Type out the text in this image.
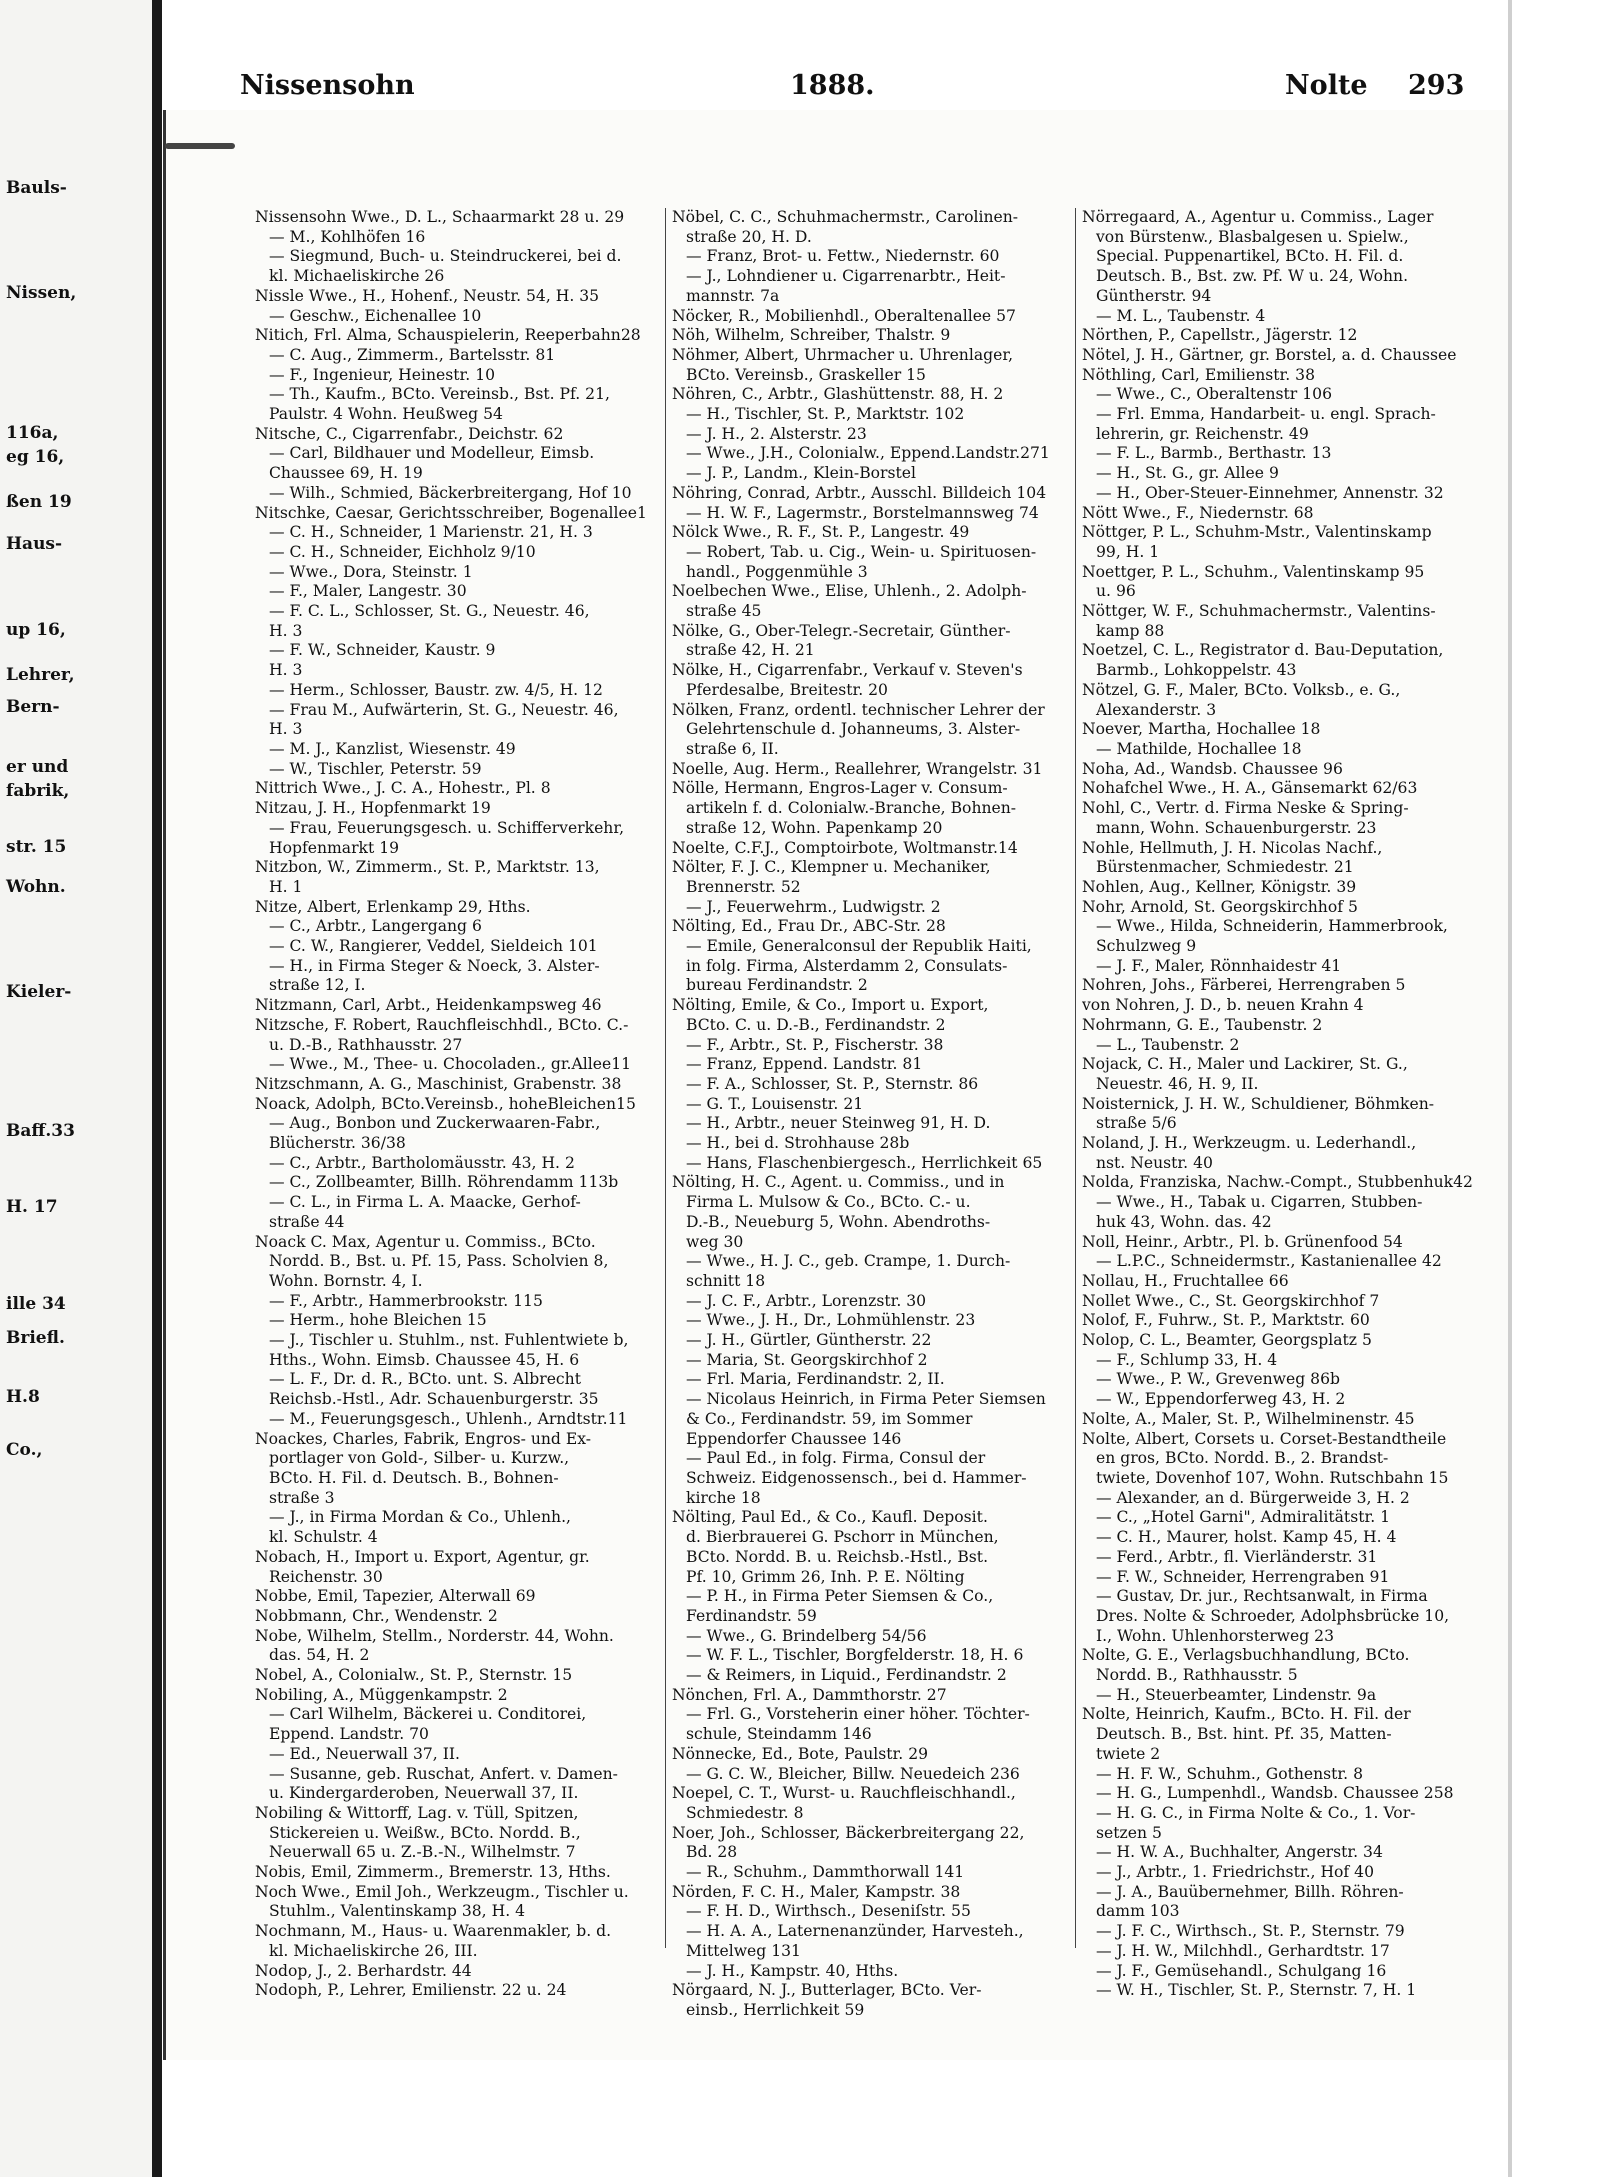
Bauls-
Nissen,
116a,
eg 16,
ßen 19
Haus-
up 16,
Lehrer,
Bern-
er und
fabrik,
str. 15
Wohn.
Kieler-
Baff.33
H. 17
ille 34
Briefl.
H.8
Co.,
Nissensohn	1888.	Nolte 293
Nissensohn Wwe., D. L., Schaarmarkt 28 u. 29
— M., Kohlhöfen 16
— Siegmund, Buch- u. Steindruckerei, bei d.
kl. Michaeliskirche 26
Nissle Wwe., H., Hohenf., Neustr. 54, H. 35
— Geschw., Eichenallee 10
Nitich, Frl. Alma, Schauspielerin, Reeperbahn28
— C. Aug., Zimmerm., Bartelsstr. 81
— F., Ingenieur, Heinestr. 10
— Th., Kaufm., BCto. Vereinsb., Bst. Pf. 21,
Paulstr. 4 Wohn. Heußweg 54
Nitsche, C., Cigarrenfabr., Deichstr. 62
— Carl, Bildhauer und Modelleur, Eimsb.
Chaussee 69, H. 19
— Wilh., Schmied, Bäckerbreitergang, Hof 10
Nitschke, Caesar, Gerichtsschreiber, Bogenallee1
— C. H., Schneider, 1 Marienstr. 21, H. 3
— C. H., Schneider, Eichholz 9/10
— Wwe., Dora, Steinstr. 1
— F., Maler, Langestr. 30
— F. C. L., Schlosser, St. G., Neuestr. 46,
H. 3
— F. W., Schneider, Kaustr. 9
H. 3
— Herm., Schlosser, Baustr. zw. 4/5, H. 12
— Frau M., Aufwärterin, St. G., Neuestr. 46,
H. 3
— M. J., Kanzlist, Wiesenstr. 49
— W., Tischler, Peterstr. 59
Nittrich Wwe., J. C. A., Hohestr., Pl. 8
Nitzau, J. H., Hopfenmarkt 19
— Frau, Feuerungsgesch. u. Schifferverkehr,
Hopfenmarkt 19
Nitzbon, W., Zimmerm., St. P., Marktstr. 13,
H. 1
Nitze, Albert, Erlenkamp 29, Hths.
— C., Arbtr., Langergang 6
— C. W., Rangierer, Veddel, Sieldeich 101
— H., in Firma Steger & Noeck, 3. Alster-
straße 12, I.
Nitzmann, Carl, Arbt., Heidenkampsweg 46
Nitzsche, F. Robert, Rauchfleischhdl., BCto. C.-
u. D.-B., Rathhausstr. 27
— Wwe., M., Thee- u. Chocoladen., gr.Allee11
Nitzschmann, A. G., Maschinist, Grabenstr. 38
Noack, Adolph, BCto.Vereinsb., hoheBleichen15
— Aug., Bonbon und Zuckerwaaren-Fabr.,
Blücherstr. 36/38
— C., Arbtr., Bartholomäusstr. 43, H. 2
— C., Zollbeamter, Billh. Röhrendamm 113b
— C. L., in Firma L. A. Maacke, Gerhof-
straße 44
Noack C. Max, Agentur u. Commiss., BCto.
Nordd. B., Bst. u. Pf. 15, Pass. Scholvien 8,
Wohn. Bornstr. 4, I.
— F., Arbtr., Hammerbrookstr. 115
— Herm., hohe Bleichen 15
— J., Tischler u. Stuhlm., nst. Fuhlentwiete b,
Hths., Wohn. Eimsb. Chaussee 45, H. 6
— L. F., Dr. d. R., BCto. unt. S. Albrecht
Reichsb.-Hstl., Adr. Schauenburgerstr. 35
— M., Feuerungsgesch., Uhlenh., Arndtstr.11
Noackes, Charles, Fabrik, Engros- und Ex-
portlager von Gold-, Silber- u. Kurzw.,
BCto. H. Fil. d. Deutsch. B., Bohnen-
straße 3
— J., in Firma Mordan & Co., Uhlenh.,
kl. Schulstr. 4
Nobach, H., Import u. Export, Agentur, gr.
Reichenstr. 30
Nobbe, Emil, Tapezier, Alterwall 69
Nobbmann, Chr., Wendenstr. 2
Nobe, Wilhelm, Stellm., Norderstr. 44, Wohn.
das. 54, H. 2
Nobel, A., Colonialw., St. P., Sternstr. 15
Nobiling, A., Müggenkampstr. 2
— Carl Wilhelm, Bäckerei u. Conditorei,
Eppend. Landstr. 70
— Ed., Neuerwall 37, II.
— Susanne, geb. Ruschat, Anfert. v. Damen-
u. Kindergarderoben, Neuerwall 37, II.
Nobiling & Wittorff, Lag. v. Tüll, Spitzen,
Stickereien u. Weißw., BCto. Nordd. B.,
Neuerwall 65 u. Z.-B.-N., Wilhelmstr. 7
Nobis, Emil, Zimmerm., Bremerstr. 13, Hths.
Noch Wwe., Emil Joh., Werkzeugm., Tischler u.
Stuhlm., Valentinskamp 38, H. 4
Nochmann, M., Haus- u. Waarenmakler, b. d.
kl. Michaeliskirche 26, III.
Nodop, J., 2. Berhardstr. 44
Nodoph, P., Lehrer, Emilienstr. 22 u. 24
Nöbel, C. C., Schuhmachermstr., Carolinen-
straße 20, H. D.
— Franz, Brot- u. Fettw., Niedernstr. 60
— J., Lohndiener u. Cigarrenarbtr., Heit-
mannstr. 7a
Nöcker, R., Mobilienhdl., Oberaltenallee 57
Nöh, Wilhelm, Schreiber, Thalstr. 9
Nöhmer, Albert, Uhrmacher u. Uhrenlager,
BCto. Vereinsb., Graskeller 15
Nöhren, C., Arbtr., Glashüttenstr. 88, H. 2
— H., Tischler, St. P., Marktstr. 102
— J. H., 2. Alsterstr. 23
— Wwe., J.H., Colonialw., Eppend.Landstr.271
— J. P., Landm., Klein-Borstel
Nöhring, Conrad, Arbtr., Ausschl. Billdeich 104
— H. W. F., Lagermstr., Borstelmannsweg 74
Nölck Wwe., R. F., St. P., Langestr. 49
— Robert, Tab. u. Cig., Wein- u. Spirituosen-
handl., Poggenmühle 3
Noelbechen Wwe., Elise, Uhlenh., 2. Adolph-
straße 45
Nölke, G., Ober-Telegr.-Secretair, Günther-
straße 42, H. 21
Nölke, H., Cigarrenfabr., Verkauf v. Steven's
Pferdesalbe, Breitestr. 20
Nölken, Franz, ordentl. technischer Lehrer der
Gelehrtenschule d. Johanneums, 3. Alster-
straße 6, II.
Noelle, Aug. Herm., Reallehrer, Wrangelstr. 31
Nölle, Hermann, Engros-Lager v. Consum-
artikeln f. d. Colonialw.-Branche, Bohnen-
straße 12, Wohn. Papenkamp 20
Noelte, C.F.J., Comptoirbote, Woltmanstr.14
Nölter, F. J. C., Klempner u. Mechaniker,
Brennerstr. 52
— J., Feuerwehrm., Ludwigstr. 2
Nölting, Ed., Frau Dr., ABC-Str. 28
— Emile, Generalconsul der Republik Haiti,
in folg. Firma, Alsterdamm 2, Consulats-
bureau Ferdinandstr. 2
Nölting, Emile, & Co., Import u. Export,
BCto. C. u. D.-B., Ferdinandstr. 2
— F., Arbtr., St. P., Fischerstr. 38
— Franz, Eppend. Landstr. 81
— F. A., Schlosser, St. P., Sternstr. 86
— G. T., Louisenstr. 21
— H., Arbtr., neuer Steinweg 91, H. D.
— H., bei d. Strohhause 28b
— Hans, Flaschenbiergesch., Herrlichkeit 65
Nölting, H. C., Agent. u. Commiss., und in
Firma L. Mulsow & Co., BCto. C.- u.
D.-B., Neueburg 5, Wohn. Abendroths-
weg 30
— Wwe., H. J. C., geb. Crampe, 1. Durch-
schnitt 18
— J. C. F., Arbtr., Lorenzstr. 30
— Wwe., J. H., Dr., Lohmühlenstr. 23
— J. H., Gürtler, Güntherstr. 22
— Maria, St. Georgskirchhof 2
— Frl. Maria, Ferdinandstr. 2, II.
— Nicolaus Heinrich, in Firma Peter Siemsen
& Co., Ferdinandstr. 59, im Sommer
Eppendorfer Chaussee 146
— Paul Ed., in folg. Firma, Consul der
Schweiz. Eidgenossensch., bei d. Hammer-
kirche 18
Nölting, Paul Ed., & Co., Kaufl. Deposit.
d. Bierbrauerei G. Pschorr in München,
BCto. Nordd. B. u. Reichsb.-Hstl., Bst.
Pf. 10, Grimm 26, Inh. P. E. Nölting
— P. H., in Firma Peter Siemsen & Co.,
Ferdinandstr. 59
— Wwe., G. Brindelberg 54/56
— W. F. L., Tischler, Borgfelderstr. 18, H. 6
— & Reimers, in Liquid., Ferdinandstr. 2
Nönchen, Frl. A., Dammthorstr. 27
— Frl. G., Vorsteherin einer höher. Töchter-
schule, Steindamm 146
Nönnecke, Ed., Bote, Paulstr. 29
— G. C. W., Bleicher, Billw. Neuedeich 236
Noepel, C. T., Wurst- u. Rauchfleischhandl.,
Schmiedestr. 8
Noer, Joh., Schlosser, Bäckerbreitergang 22,
Bd. 28
— R., Schuhm., Dammthorwall 141
Nörden, F. C. H., Maler, Kampstr. 38
— F. H. D., Wirthsch., Deseniſstr. 55
— H. A. A., Laternenanzünder, Harvesteh.,
Mittelweg 131
— J. H., Kampstr. 40, Hths.
Nörgaard, N. J., Butterlager, BCto. Ver-
einsb., Herrlichkeit 59
Nörregaard, A., Agentur u. Commiss., Lager
von Bürstenw., Blasbalgesen u. Spielw.,
Special. Puppenartikel, BCto. H. Fil. d.
Deutsch. B., Bst. zw. Pf. W u. 24, Wohn.
Güntherstr. 94
— M. L., Taubenstr. 4
Nörthen, P., Capellstr., Jägerstr. 12
Nötel, J. H., Gärtner, gr. Borstel, a. d. Chaussee
Nöthling, Carl, Emilienstr. 38
— Wwe., C., Oberaltenstr 106
— Frl. Emma, Handarbeit- u. engl. Sprach-
lehrerin, gr. Reichenstr. 49
— F. L., Barmb., Berthastr. 13
— H., St. G., gr. Allee 9
— H., Ober-Steuer-Einnehmer, Annenstr. 32
Nött Wwe., F., Niedernstr. 68
Nöttger, P. L., Schuhm-Mstr., Valentinskamp
99, H. 1
Noettger, P. L., Schuhm., Valentinskamp 95
u. 96
Nöttger, W. F., Schuhmachermstr., Valentins-
kamp 88
Noetzel, C. L., Registrator d. Bau-Deputation,
Barmb., Lohkoppelstr. 43
Nötzel, G. F., Maler, BCto. Volksb., e. G.,
Alexanderstr. 3
Noever, Martha, Hochallee 18
— Mathilde, Hochallee 18
Noha, Ad., Wandsb. Chaussee 96
Nohafchel Wwe., H. A., Gänsemarkt 62/63
Nohl, C., Vertr. d. Firma Neske & Spring-
mann, Wohn. Schauenburgerstr. 23
Nohle, Hellmuth, J. H. Nicolas Nachf.,
Bürstenmacher, Schmiedestr. 21
Nohlen, Aug., Kellner, Königstr. 39
Nohr, Arnold, St. Georgskirchhof 5
— Wwe., Hilda, Schneiderin, Hammerbrook,
Schulzweg 9
— J. F., Maler, Rönnhaidestr 41
Nohren, Johs., Färberei, Herrengraben 5
von Nohren, J. D., b. neuen Krahn 4
Nohrmann, G. E., Taubenstr. 2
— L., Taubenstr. 2
Nojack, C. H., Maler und Lackirer, St. G.,
Neuestr. 46, H. 9, II.
Noisternick, J. H. W., Schuldiener, Böhmken-
straße 5/6
Noland, J. H., Werkzeugm. u. Lederhandl.,
nst. Neustr. 40
Nolda, Franziska, Nachw.-Compt., Stubbenhuk42
— Wwe., H., Tabak u. Cigarren, Stubben-
huk 43, Wohn. das. 42
Noll, Heinr., Arbtr., Pl. b. Grünenfood 54
— L.P.C., Schneidermstr., Kastanienallee 42
Nollau, H., Fruchtallee 66
Nollet Wwe., C., St. Georgskirchhof 7
Nolof, F., Fuhrw., St. P., Marktstr. 60
Nolop, C. L., Beamter, Georgsplatz 5
— F., Schlump 33, H. 4
— Wwe., P. W., Grevenweg 86b
— W., Eppendorferweg 43, H. 2
Nolte, A., Maler, St. P., Wilhelminenstr. 45
Nolte, Albert, Corsets u. Corset-Bestandtheile
en gros, BCto. Nordd. B., 2. Brandst-
twiete, Dovenhof 107, Wohn. Rutschbahn 15
— Alexander, an d. Bürgerweide 3, H. 2
— C., „Hotel Garni", Admiralitätstr. 1
— C. H., Maurer, holst. Kamp 45, H. 4
— Ferd., Arbtr., fl. Vierländerstr. 31
— F. W., Schneider, Herrengraben 91
— Gustav, Dr. jur., Rechtsanwalt, in Firma
Dres. Nolte & Schroeder, Adolphsbrücke 10,
I., Wohn. Uhlenhorsterweg 23
Nolte, G. E., Verlagsbuchhandlung, BCto.
Nordd. B., Rathhausstr. 5
— H., Steuerbeamter, Lindenstr. 9a
Nolte, Heinrich, Kaufm., BCto. H. Fil. der
Deutsch. B., Bst. hint. Pf. 35, Matten-
twiete 2
— H. F. W., Schuhm., Gothenstr. 8
— H. G., Lumpenhdl., Wandsb. Chaussee 258
— H. G. C., in Firma Nolte & Co., 1. Vor-
setzen 5
— H. W. A., Buchhalter, Angerstr. 34
— J., Arbtr., 1. Friedrichstr., Hof 40
— J. A., Bauübernehmer, Billh. Röhren-
damm 103
— J. F. C., Wirthsch., St. P., Sternstr. 79
— J. H. W., Milchhdl., Gerhardtstr. 17
— J. F., Gemüsehandl., Schulgang 16
— W. H., Tischler, St. P., Sternstr. 7, H. 1
